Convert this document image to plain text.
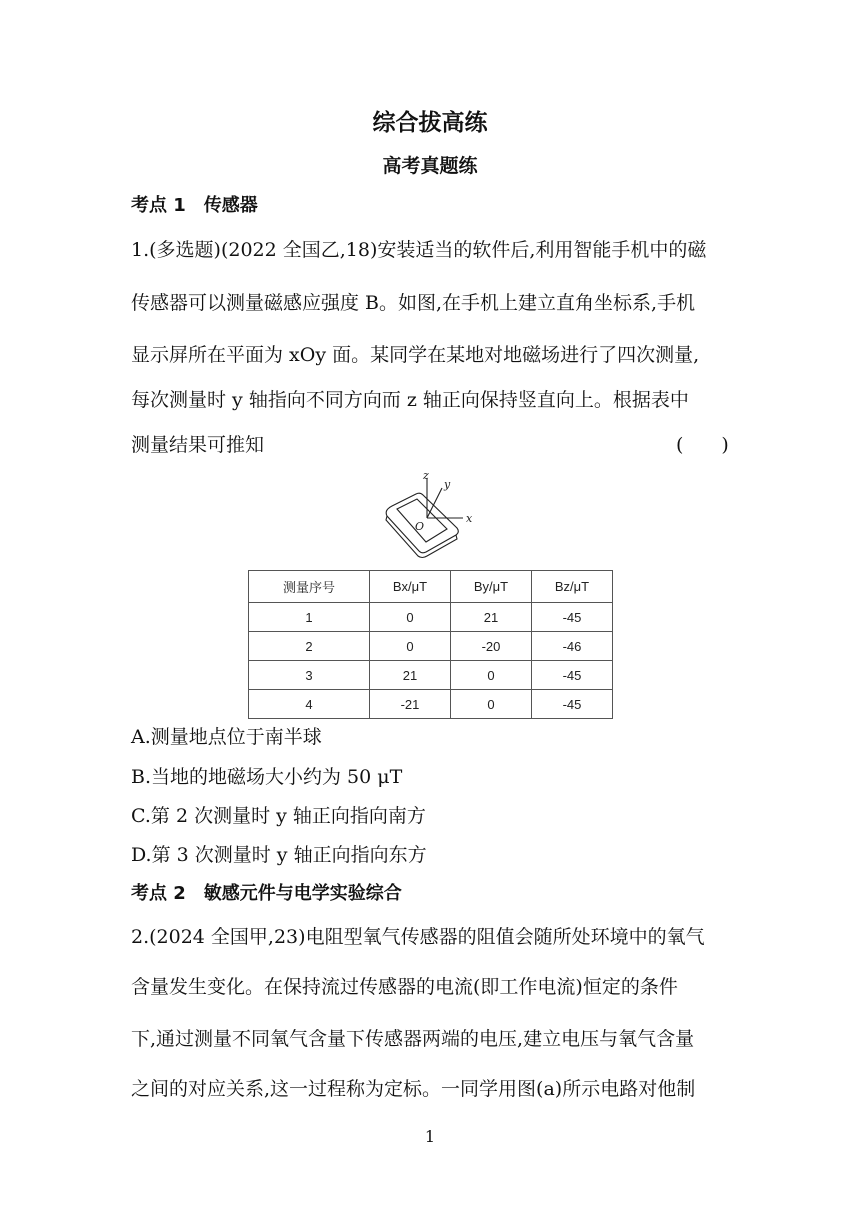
综合拔高练
高考真题练
考点 1　传感器
1.(多选题)(2022 全国乙,18)安装适当的软件后,利用智能手机中的磁
传感器可以测量磁感应强度 B。如图,在手机上建立直角坐标系,手机
显示屏所在平面为 xOy 面。某同学在某地对地磁场进行了四次测量,
每次测量时 y 轴指向不同方向而 z 轴正向保持竖直向上。根据表中
测量结果可推知	(　　)
z
y
x
O
测量序号	Bx/μT	By/μT	Bz/μT
1	0	21	-45
2	0	-20	-46
3	21	0	-45
4	-21	0	-45
A.测量地点位于南半球
B.当地的地磁场大小约为 50 μT
C.第 2 次测量时 y 轴正向指向南方
D.第 3 次测量时 y 轴正向指向东方
考点 2　敏感元件与电学实验综合
2.(2024 全国甲,23)电阻型氧气传感器的阻值会随所处环境中的氧气
含量发生变化。在保持流过传感器的电流(即工作电流)恒定的条件
下,通过测量不同氧气含量下传感器两端的电压,建立电压与氧气含量
之间的对应关系,这一过程称为定标。一同学用图(a)所示电路对他制
1
